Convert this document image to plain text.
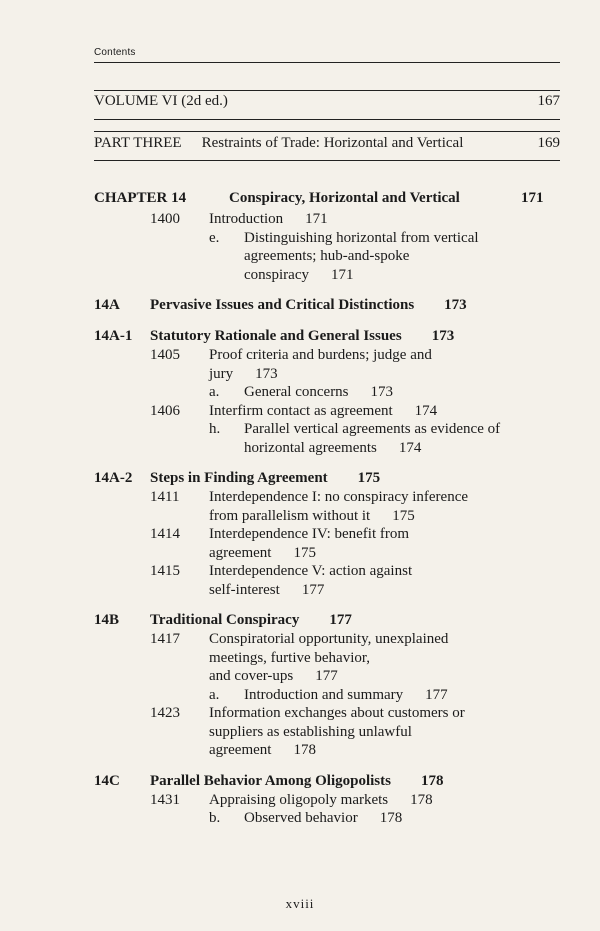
Contents
VOLUME VI (2d ed.)	167
PART THREE Restraints of Trade: Horizontal and Vertical	169
CHAPTER 14	Conspiracy, Horizontal and Vertical	171
1400	Introduction 171
e.	Distinguishing horizontal from vertical
agreements; hub-and-spoke
conspiracy 171
14A	Pervasive Issues and Critical Distinctions 173
14A-1	Statutory Rationale and General Issues 173
1405	Proof criteria and burdens; judge and
jury 173
a.	General concerns 173
1406	Interfirm contact as agreement 174
h.	Parallel vertical agreements as evidence of
horizontal agreements 174
14A-2	Steps in Finding Agreement 175
1411	Interdependence I: no conspiracy inference
from parallelism without it 175
1414	Interdependence IV: benefit from
agreement 175
1415	Interdependence V: action against
self-interest 177
14B	Traditional Conspiracy 177
1417	Conspiratorial opportunity, unexplained
meetings, furtive behavior,
and cover-ups 177
a.	Introduction and summary 177
1423	Information exchanges about customers or
suppliers as establishing unlawful
agreement 178
14C	Parallel Behavior Among Oligopolists 178
1431	Appraising oligopoly markets 178
b.	Observed behavior 178
xviii
